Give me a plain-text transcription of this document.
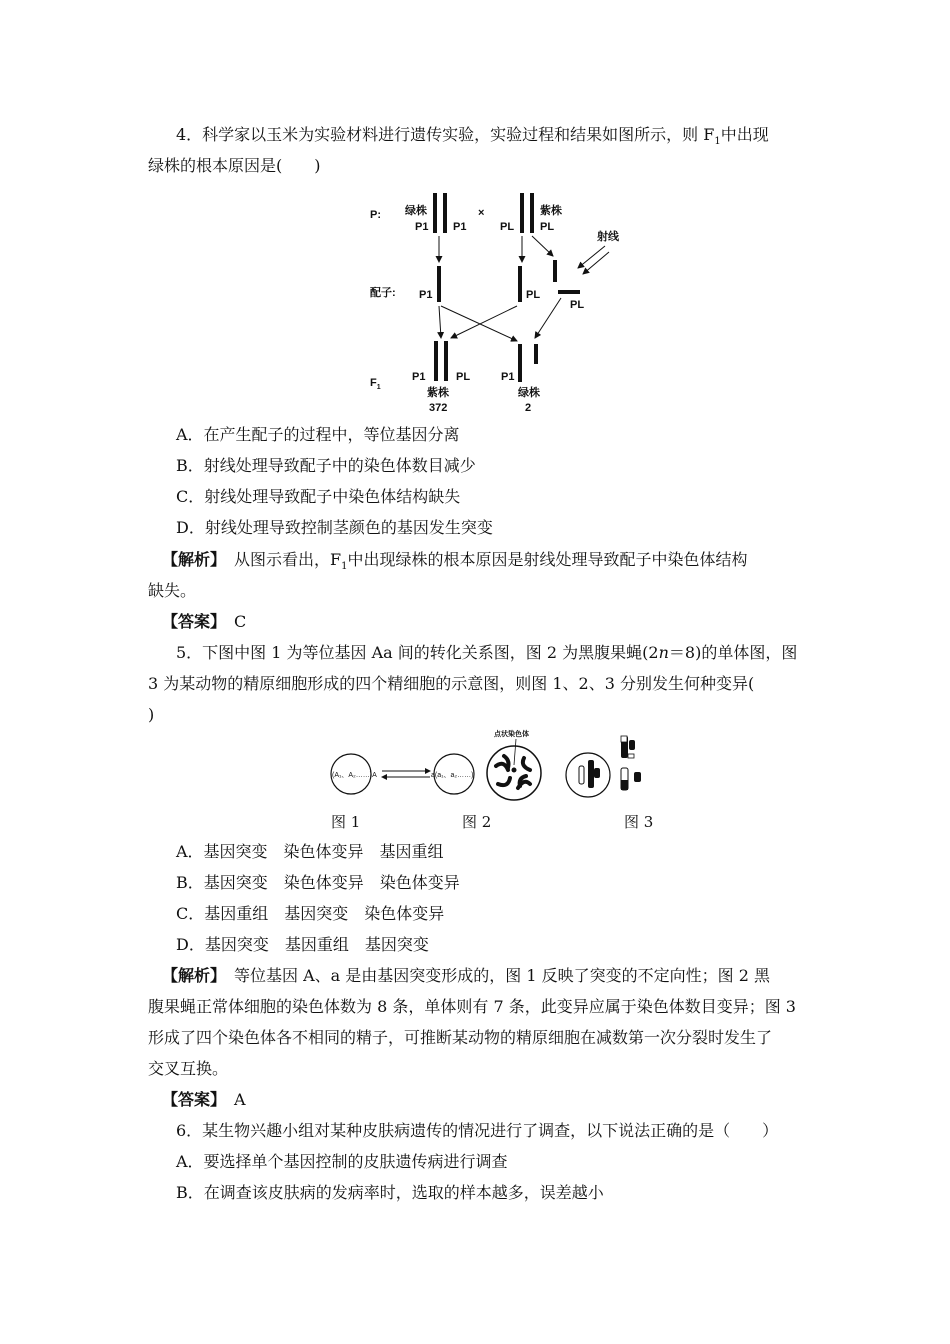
4．科学家以玉米为实验材料进行遗传实验，实验过程和结果如图所示，则 $F_1$中出现
绿株的根本原因是(　　)
P: 绿株
P1 P1
×	紫株
PL PL
射线
配子: P1	PL
PL
$F_1$
P1	PL
紫株
372
P1
绿株
2
A．在产生配子的过程中，等位基因分离
B．射线处理导致配子中的染色体数目减少
C．射线处理导致配子中染色体结构缺失
D．射线处理导致控制茎颜色的基因发生突变
【解析】　 从图示看出，$F_1$中出现绿株的根本原因是射线处理导致配子中染色体结构
缺失。
【答案】　 C
5．下图中图 1 为等位基因 Aa 间的转化关系图，图 2 为黑腹果蝇(2n＝8)的单体图，图
3 为某动物的精原细胞形成的四个精细胞的示意图，则图 1、2、3 分别发生何种变异(
)
(A₁、A₂……)A	a(a₁、a₂……)
点状染色体
图 1	图 2	图 3
A．基因突变　染色体变异　基因重组
B．基因突变　染色体变异　染色体变异
C．基因重组　基因突变　染色体变异
D．基因突变　基因重组　基因突变
【解析】　 等位基因 A、a 是由基因突变形成的，图 1 反映了突变的不定向性；图 2 黑
腹果蝇正常体细胞的染色体数为 8 条，单体则有 7 条，此变异应属于染色体数目变异；图 3
形成了四个染色体各不相同的精子，可推断某动物的精原细胞在减数第一次分裂时发生了
交叉互换。
【答案】　 A
6．某生物兴趣小组对某种皮肤病遗传的情况进行了调查，以下说法正确的是（　　）
A．要选择单个基因控制的皮肤遗传病进行调查
B．在调查该皮肤病的发病率时，选取的样本越多，误差越小
